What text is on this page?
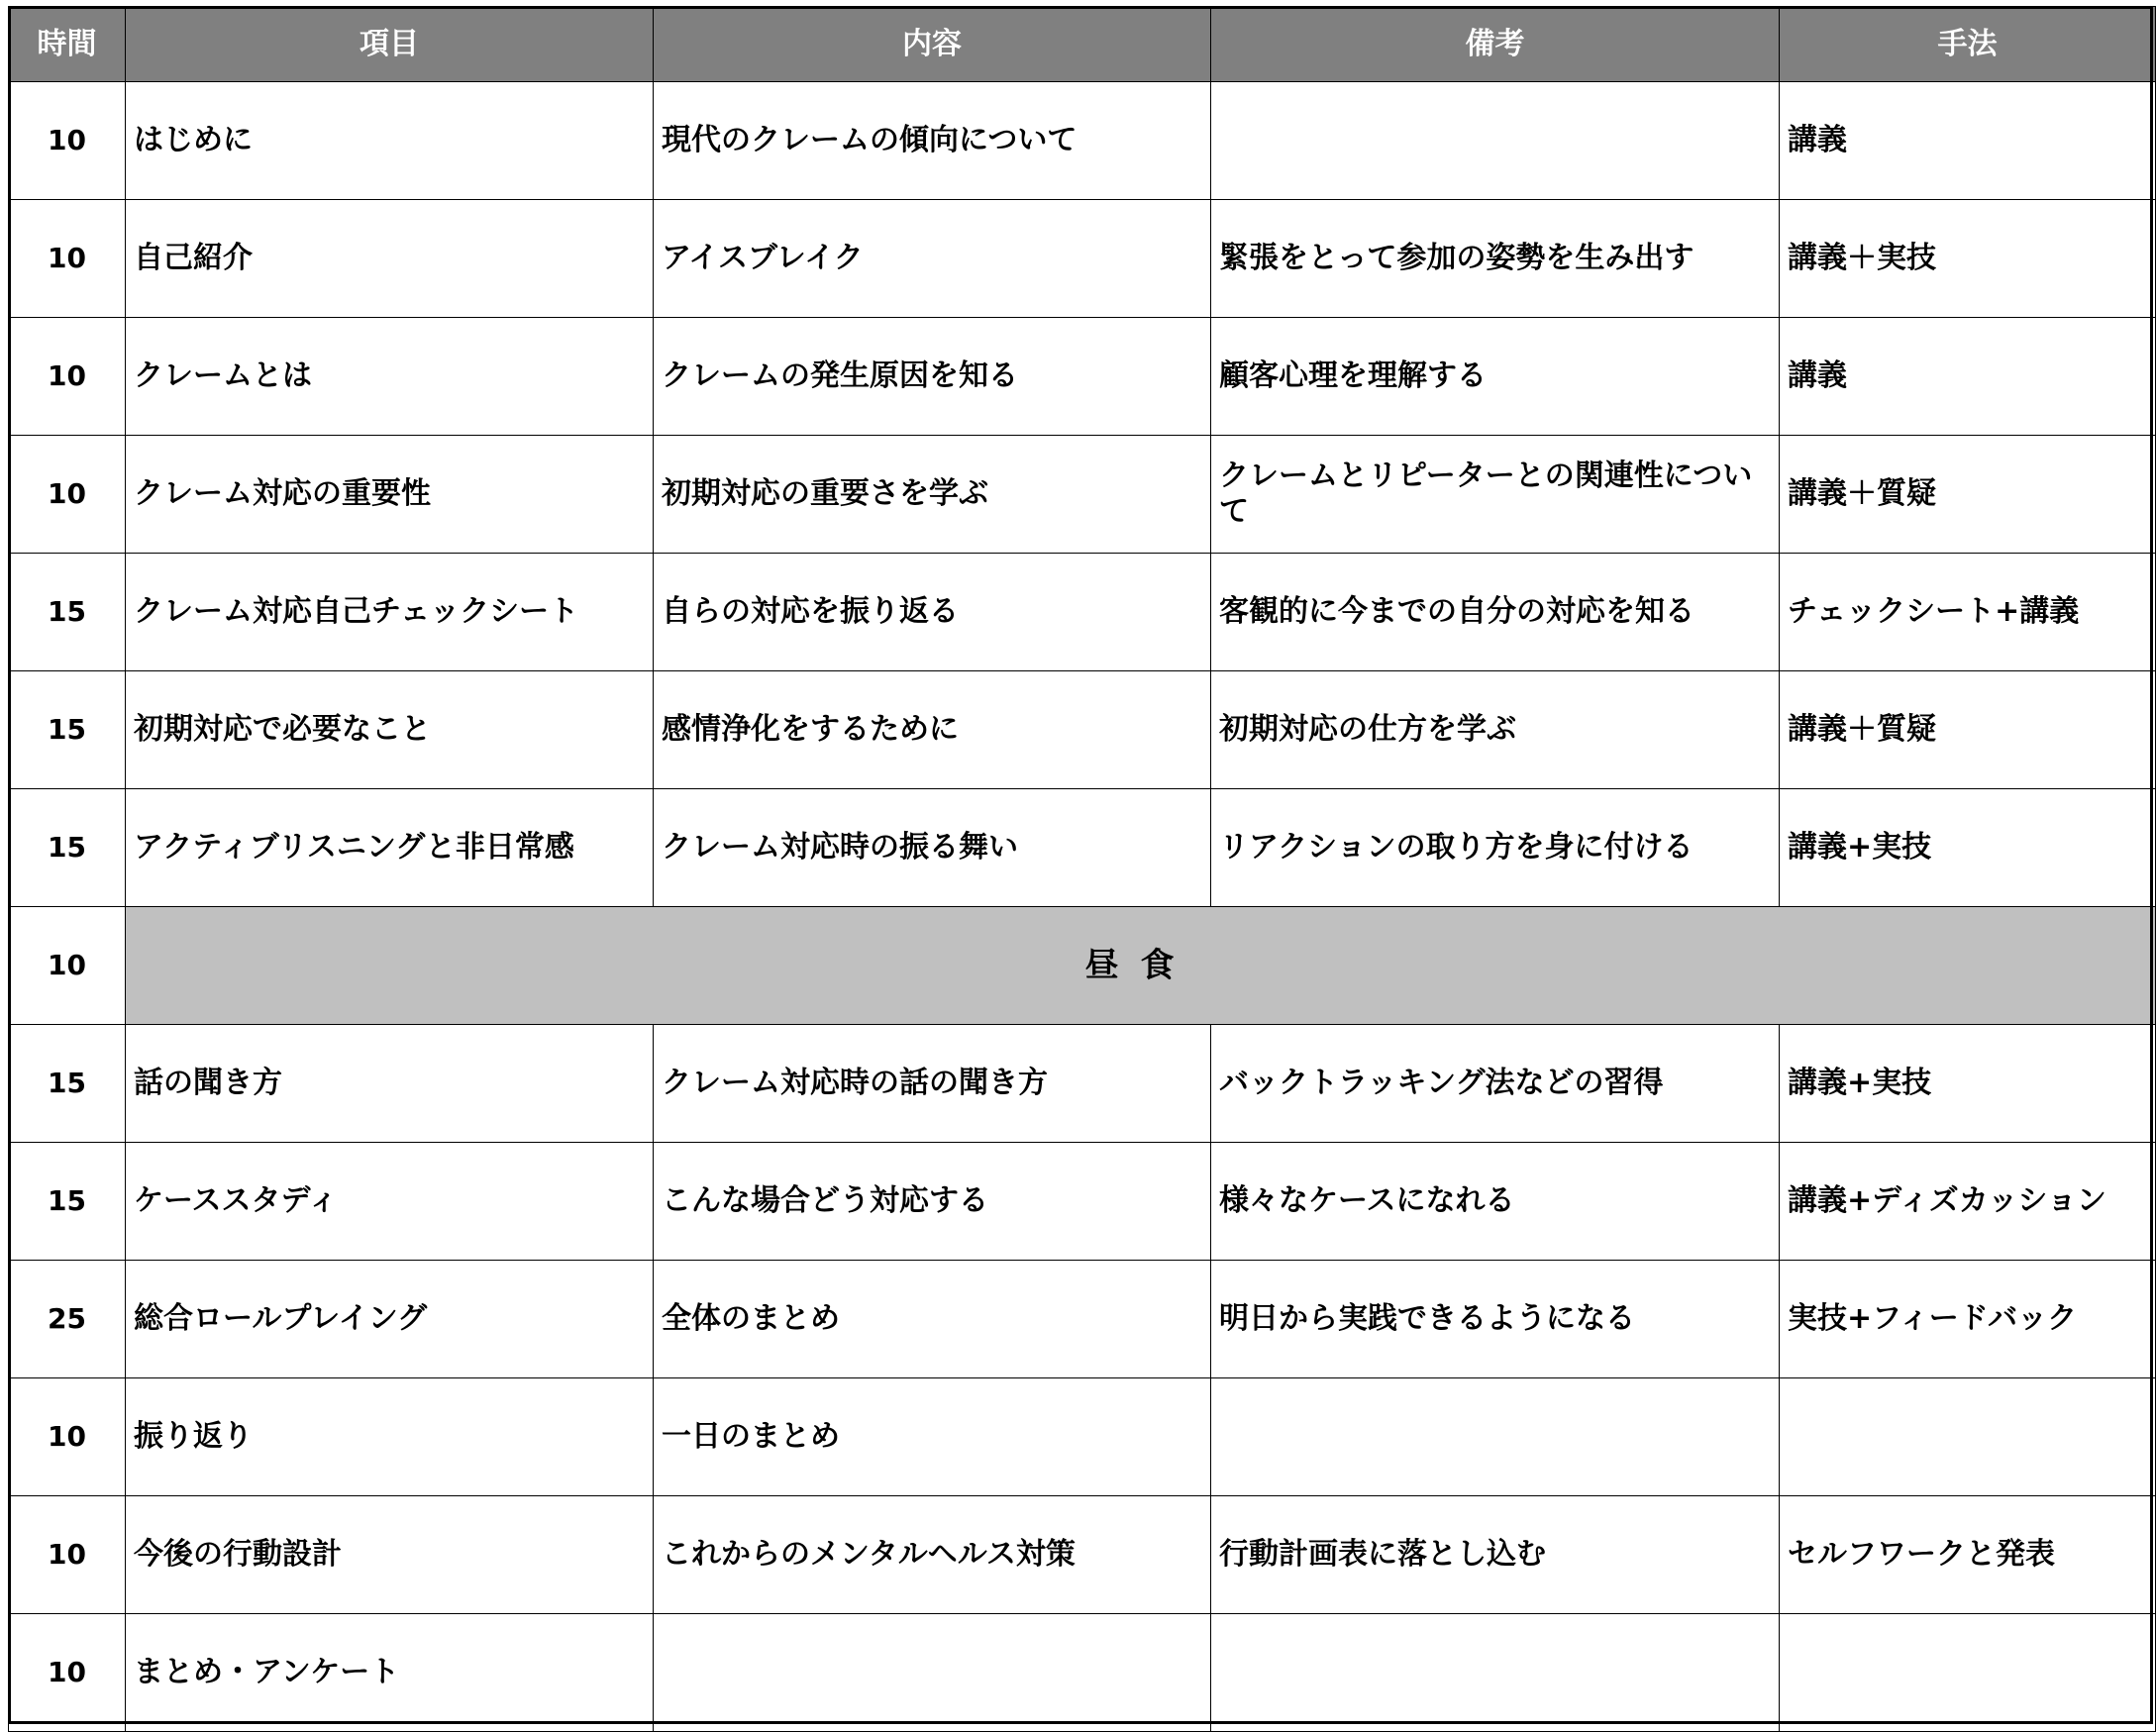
時間	項目	内容	備考	手法
10	はじめに	現代のクレームの傾向について		講義
10	自己紹介	アイスブレイク	緊張をとって参加の姿勢を生み出す	講義＋実技
10	クレームとは	クレームの発生原因を知る	顧客心理を理解する	講義
10	クレーム対応の重要性	初期対応の重要さを学ぶ	クレームとリピーターとの関連性について	講義＋質疑
15	クレーム対応自己チェックシート	自らの対応を振り返る	客観的に今までの自分の対応を知る	チェックシート+講義
15	初期対応で必要なこと	感情浄化をするために	初期対応の仕方を学ぶ	講義＋質疑
15	アクティブリスニングと非日常感	クレーム対応時の振る舞い	リアクションの取り方を身に付ける	講義+実技
10	昼食			
15	話の聞き方	クレーム対応時の話の聞き方	バックトラッキング法などの習得	講義+実技
15	ケーススタディ	こんな場合どう対応する	様々なケースになれる	講義+ディズカッション
25	総合ロールプレイング	全体のまとめ	明日から実践できるようになる	実技+フィードバック
10	振り返り	一日のまとめ		
10	今後の行動設計	これからのメンタルヘルス対策	行動計画表に落とし込む	セルフワークと発表
10	まとめ・アンケート			
